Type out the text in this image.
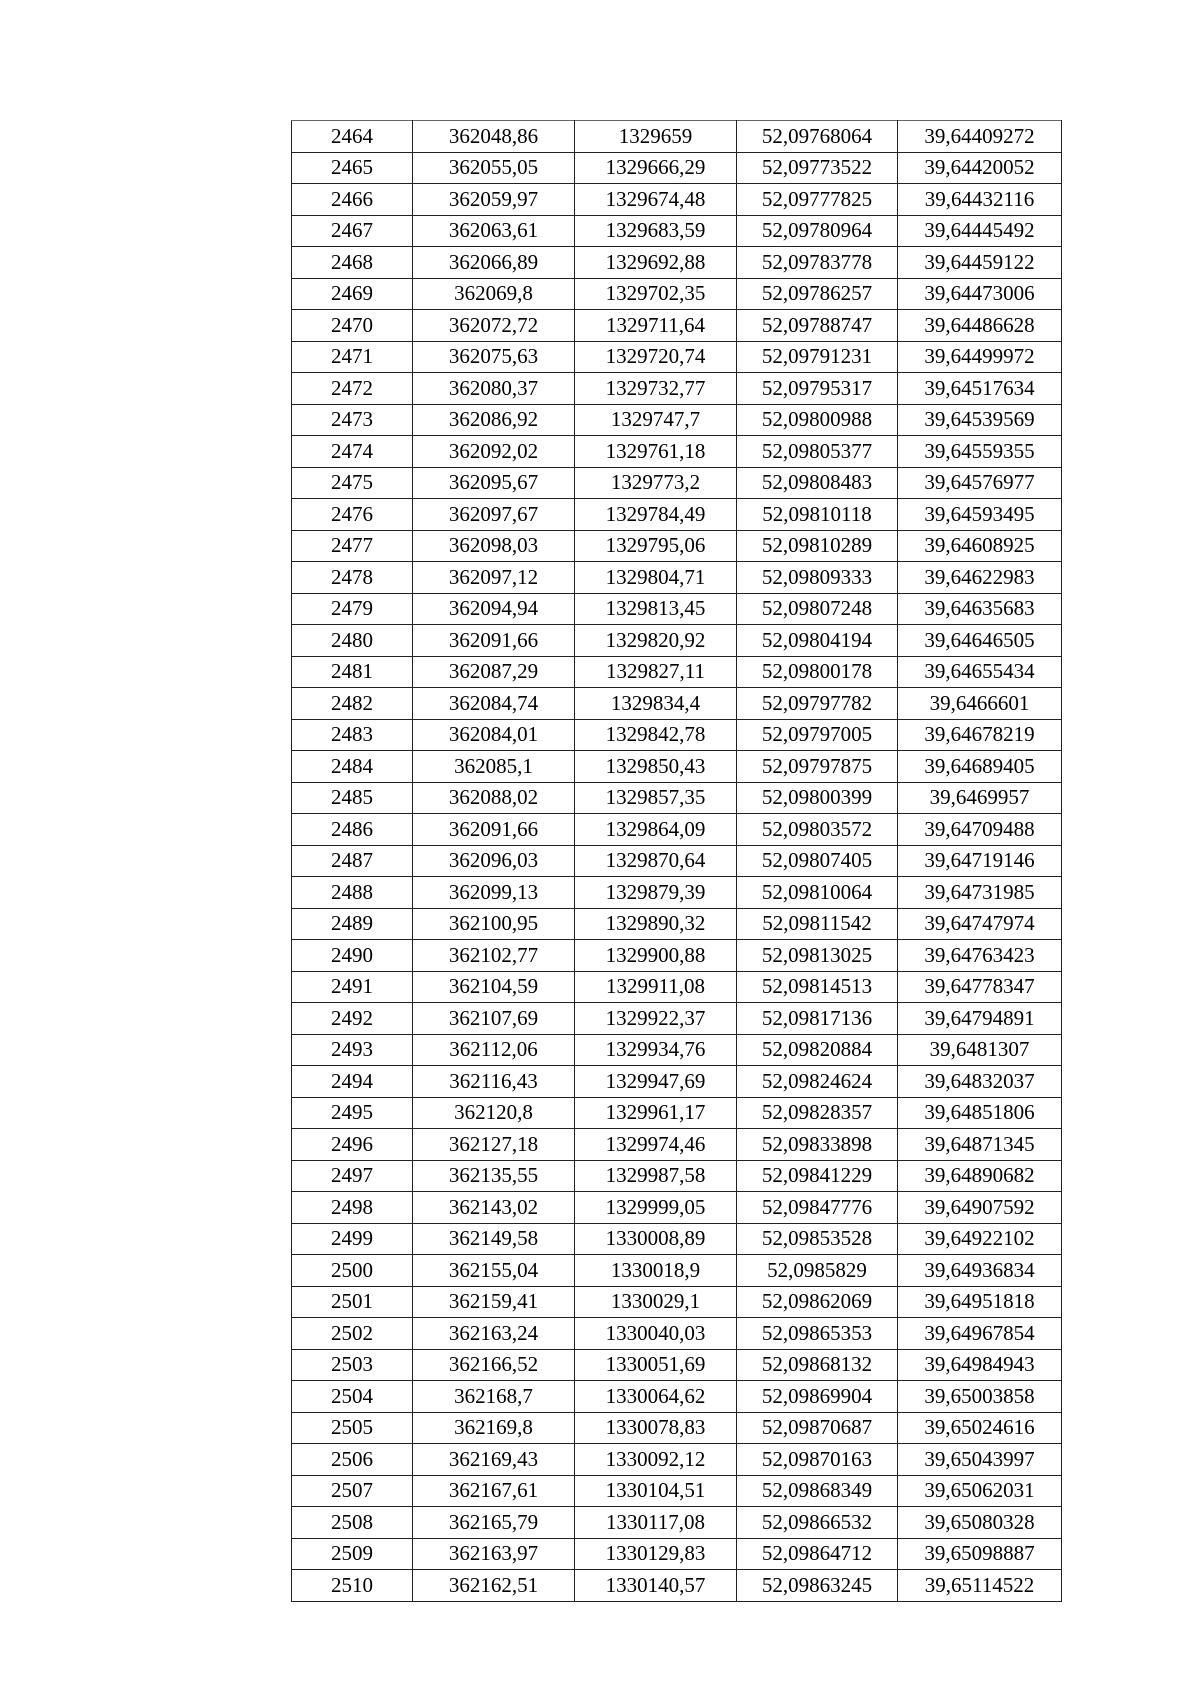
2464	362048,86	1329659	52,09768064	39,64409272
2465	362055,05	1329666,29	52,09773522	39,64420052
2466	362059,97	1329674,48	52,09777825	39,64432116
2467	362063,61	1329683,59	52,09780964	39,64445492
2468	362066,89	1329692,88	52,09783778	39,64459122
2469	362069,8	1329702,35	52,09786257	39,64473006
2470	362072,72	1329711,64	52,09788747	39,64486628
2471	362075,63	1329720,74	52,09791231	39,64499972
2472	362080,37	1329732,77	52,09795317	39,64517634
2473	362086,92	1329747,7	52,09800988	39,64539569
2474	362092,02	1329761,18	52,09805377	39,64559355
2475	362095,67	1329773,2	52,09808483	39,64576977
2476	362097,67	1329784,49	52,09810118	39,64593495
2477	362098,03	1329795,06	52,09810289	39,64608925
2478	362097,12	1329804,71	52,09809333	39,64622983
2479	362094,94	1329813,45	52,09807248	39,64635683
2480	362091,66	1329820,92	52,09804194	39,64646505
2481	362087,29	1329827,11	52,09800178	39,64655434
2482	362084,74	1329834,4	52,09797782	39,6466601
2483	362084,01	1329842,78	52,09797005	39,64678219
2484	362085,1	1329850,43	52,09797875	39,64689405
2485	362088,02	1329857,35	52,09800399	39,6469957
2486	362091,66	1329864,09	52,09803572	39,64709488
2487	362096,03	1329870,64	52,09807405	39,64719146
2488	362099,13	1329879,39	52,09810064	39,64731985
2489	362100,95	1329890,32	52,09811542	39,64747974
2490	362102,77	1329900,88	52,09813025	39,64763423
2491	362104,59	1329911,08	52,09814513	39,64778347
2492	362107,69	1329922,37	52,09817136	39,64794891
2493	362112,06	1329934,76	52,09820884	39,6481307
2494	362116,43	1329947,69	52,09824624	39,64832037
2495	362120,8	1329961,17	52,09828357	39,64851806
2496	362127,18	1329974,46	52,09833898	39,64871345
2497	362135,55	1329987,58	52,09841229	39,64890682
2498	362143,02	1329999,05	52,09847776	39,64907592
2499	362149,58	1330008,89	52,09853528	39,64922102
2500	362155,04	1330018,9	52,0985829	39,64936834
2501	362159,41	1330029,1	52,09862069	39,64951818
2502	362163,24	1330040,03	52,09865353	39,64967854
2503	362166,52	1330051,69	52,09868132	39,64984943
2504	362168,7	1330064,62	52,09869904	39,65003858
2505	362169,8	1330078,83	52,09870687	39,65024616
2506	362169,43	1330092,12	52,09870163	39,65043997
2507	362167,61	1330104,51	52,09868349	39,65062031
2508	362165,79	1330117,08	52,09866532	39,65080328
2509	362163,97	1330129,83	52,09864712	39,65098887
2510	362162,51	1330140,57	52,09863245	39,65114522
